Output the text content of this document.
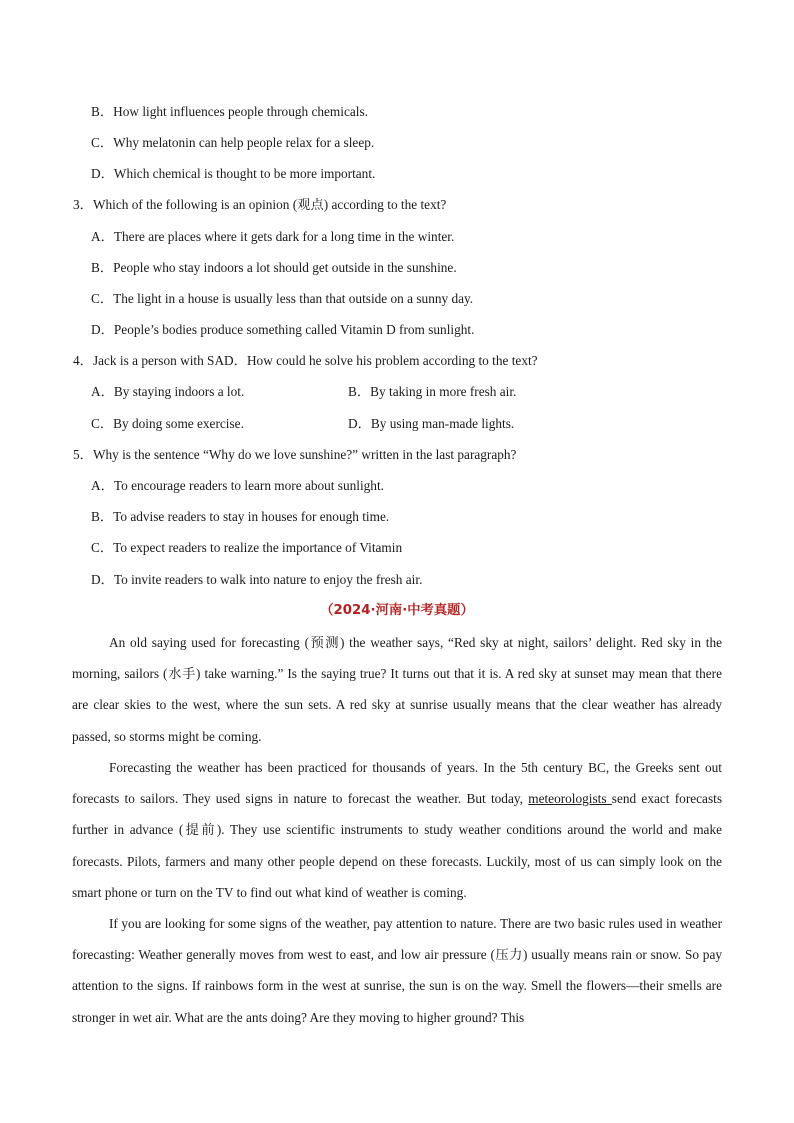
B．How light influences people through chemicals.
C．Why melatonin can help people relax for a sleep.
D．Which chemical is thought to be more important.
3．Which of the following is an opinion (观点) according to the text?
A．There are places where it gets dark for a long time in the winter.
B．People who stay indoors a lot should get outside in the sunshine.
C．The light in a house is usually less than that outside on a sunny day.
D．People’s bodies produce something called Vitamin D from sunlight.
4．Jack is a person with SAD．How could he solve his problem according to the text?
A．By staying indoors a lot.	B．By taking in more fresh air.
C．By doing some exercise.	D．By using man-made lights.
5．Why is the sentence “Why do we love sunshine?” written in the last paragraph?
A．To encourage readers to learn more about sunlight.
B．To advise readers to stay in houses for enough time.
C．To expect readers to realize the importance of Vitamin
D．To invite readers to walk into nature to enjoy the fresh air.
（2024·河南·中考真题）
An old saying used for forecasting (预测) the weather says, “Red sky at night, sailors’ delight. Red sky in the morning, sailors (水手) take warning.” Is the saying true? It turns out that it is. A red sky at sunset may mean that there are clear skies to the west, where the sun sets. A red sky at sunrise usually means that the clear weather has already passed, so storms might be coming.
Forecasting the weather has been practiced for thousands of years. In the 5th century BC, the Greeks sent out forecasts to sailors. They used signs in nature to forecast the weather. But today, meteorologists send exact forecasts further in advance (提前). They use scientific instruments to study weather conditions around the world and make forecasts. Pilots, farmers and many other people depend on these forecasts. Luckily, most of us can simply look on the smart phone or turn on the TV to find out what kind of weather is coming.
If you are looking for some signs of the weather, pay attention to nature. There are two basic rules used in weather forecasting: Weather generally moves from west to east, and low air pressure (压力) usually means rain or snow. So pay attention to the signs. If rainbows form in the west at sunrise, the sun is on the way. Smell the flowers—their smells are stronger in wet air. What are the ants doing? Are they moving to higher ground? This
